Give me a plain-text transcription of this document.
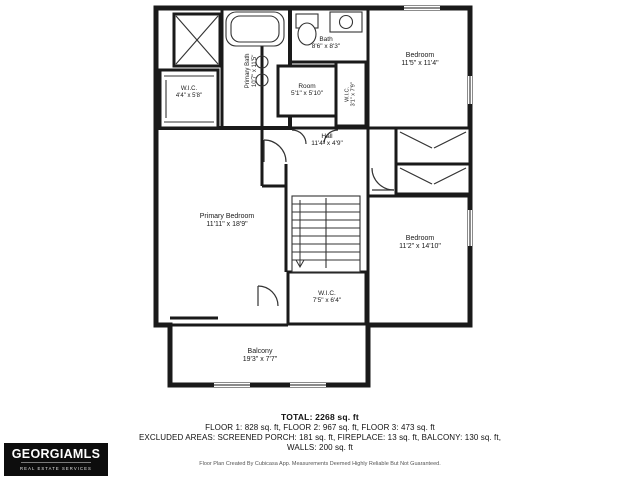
W.I.C.
4'4" x 5'8"
Primary Bath 10'7" x 11'5"
Bath
8'6" x 8'3"
Room
5'1" x 5'10"	W.I.C. 3'1" x 7'9"
Bedroom
11'5" x 11'4"
Hall
11'4" x 4'9"
Primary Bedroom
11'11" x 18'9"
Bedroom
11'2" x 14'10"
W.I.C.
7'5" x 6'4"
Balcony
19'3" x 7'7"
TOTAL: 2268 sq. ft
FLOOR 1: 828 sq. ft, FLOOR 2: 967 sq. ft, FLOOR 3: 473 sq. ft
EXCLUDED AREAS: SCREENED PORCH: 181 sq. ft, FIREPLACE: 13 sq. ft, BALCONY: 130 sq. ft,
WALLS: 200 sq. ft
Floor Plan Created By Cubicasa App. Measurements Deemed Highly Reliable But Not Guaranteed.
GEORGIAMLS
REAL ESTATE SERVICES
